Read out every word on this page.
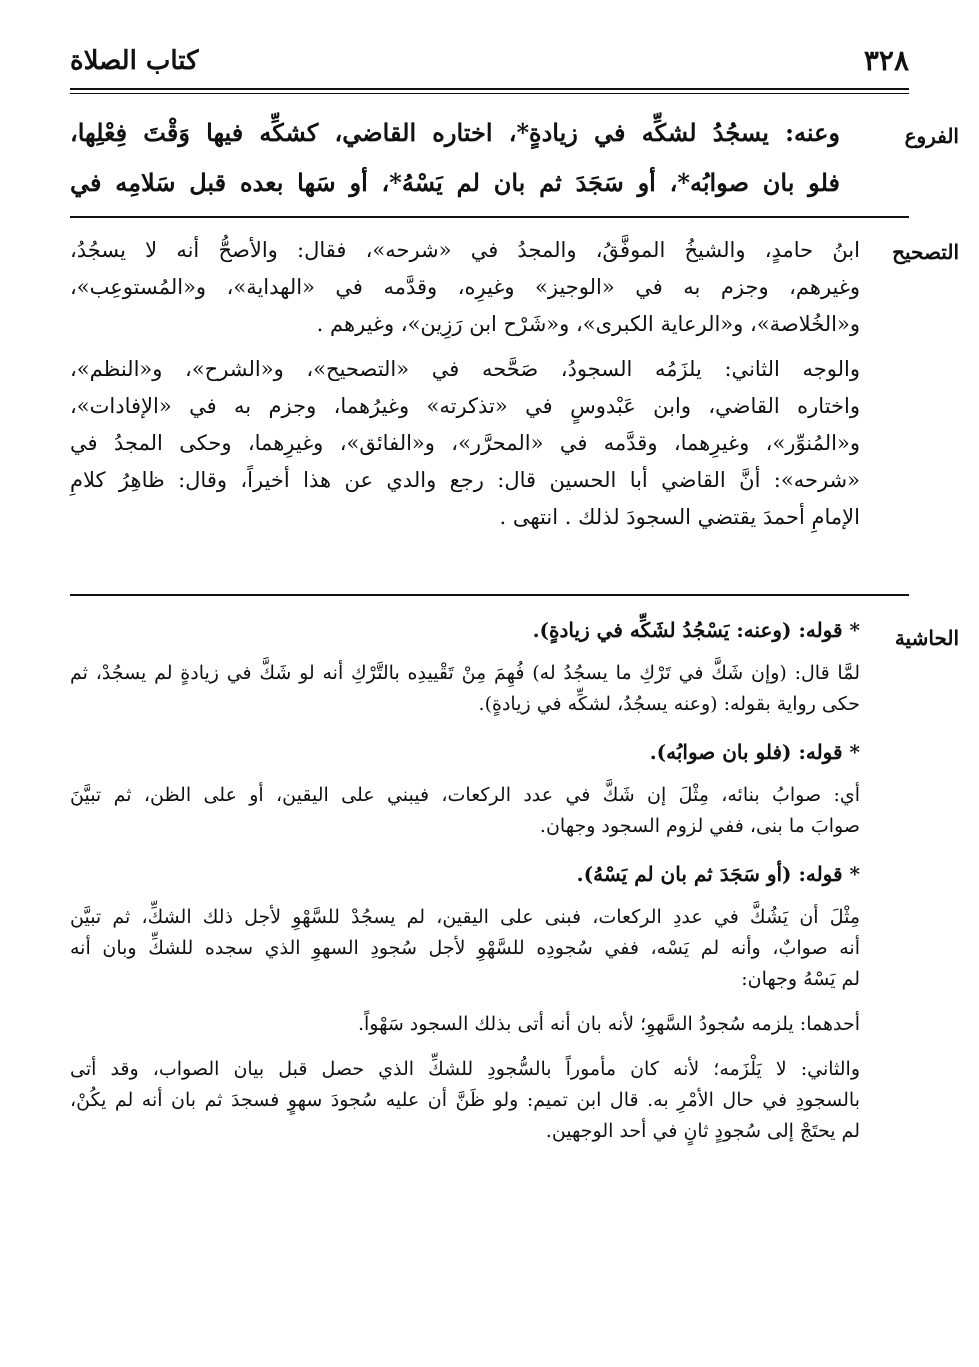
كتاب الصلاة	٣٢٨
الفروع
وعنه: يسجُدُ لشكِّه في زيادةٍ*، اختاره القاضي، كشكِّه فيها وَقْتَ فِعْلِها،
فلو بان صوابُه*، أو سَجَدَ ثم بان لم يَسْهُ*، أو سَها بعده قبل سَلامِه في
التصحيح
ابنُ حامدٍ، والشيخُ الموفَّقُ، والمجدُ في «شرحه»، فقال: والأصحُّ أنه لا يسجُدُ،
وغيرهم، وجزم به في «الوجيز» وغيرِه، وقدَّمه في «الهداية»، و«المُستوعِب»،
و«الخُلاصة»، و«الرعاية الكبرى»، و«شَرْح ابن رَزِين»، وغيرهم .
والوجه الثاني: يلزَمُه السجودُ، صَحَّحه في «التصحيح»، و«الشرح»، و«النظم»،
واختاره القاضي، وابن عَبْدوسٍ في «تذكرته» وغيرُهما، وجزم به في «الإفادات»،
و«المُنوِّر»، وغيرِهما، وقدَّمه في «المحرَّر»، و«الفائق»، وغيرِهما، وحكى المجدُ في
«شرحه»: أنَّ القاضي أبا الحسين قال: رجع والدي عن هذا أخيراً، وقال: ظاهِرُ كلامِ
الإمامِ أحمدَ يقتضي السجودَ لذلك . انتهى .
الحاشية
* قوله: (وعنه: يَسْجُدُ لشَكِّه في زيادةٍ).
لمَّا قال: (وإن شَكَّ في تَرْكِ ما يسجُدُ له) فُهِمَ مِنْ تَقْييدِه بالتَّرْكِ أنه لو شَكَّ في زيادةٍ لم يسجُدْ، ثم
حكى رواية بقوله: (وعنه يسجُدُ، لشكِّه في زيادةٍ).
* قوله: (فلو بان صوابُه).
أي: صوابُ بنائه، مِثْلَ إن شَكَّ في عدد الركعات، فيبني على اليقين، أو على الظن، ثم تبيَّنَ
صوابَ ما بنى، ففي لزوم السجود وجهان.
* قوله: (أو سَجَدَ ثم بان لم يَسْهُ).
مِثْلَ أن يَشُكَّ في عددِ الركعات، فبنى على اليقين، لم يسجُدْ للسَّهْوِ لأجل ذلك الشكِّ، ثم تبيَّن
أنه صوابٌ، وأنه لم يَسْه، ففي سُجودِه للسَّهْوِ لأجل سُجودِ السهوِ الذي سجده للشكِّ وبان أنه
لم يَسْهُ وجهان:
أحدهما: يلزمه سُجودُ السَّهوِ؛ لأنه بان أنه أتى بذلك السجود سَهْواً.
والثاني: لا يَلْزَمه؛ لأنه كان مأموراً بالسُّجودِ للشكِّ الذي حصل قبل بيان الصواب، وقد أتى
بالسجودِ في حال الأمْرِ به. قال ابن تميم: ولو ظَنَّ أن عليه سُجودَ سهوٍ فسجدَ ثم بان أنه لم يكُنْ،
لم يحتَجْ إلى سُجودٍ ثانٍ في أحد الوجهين.
